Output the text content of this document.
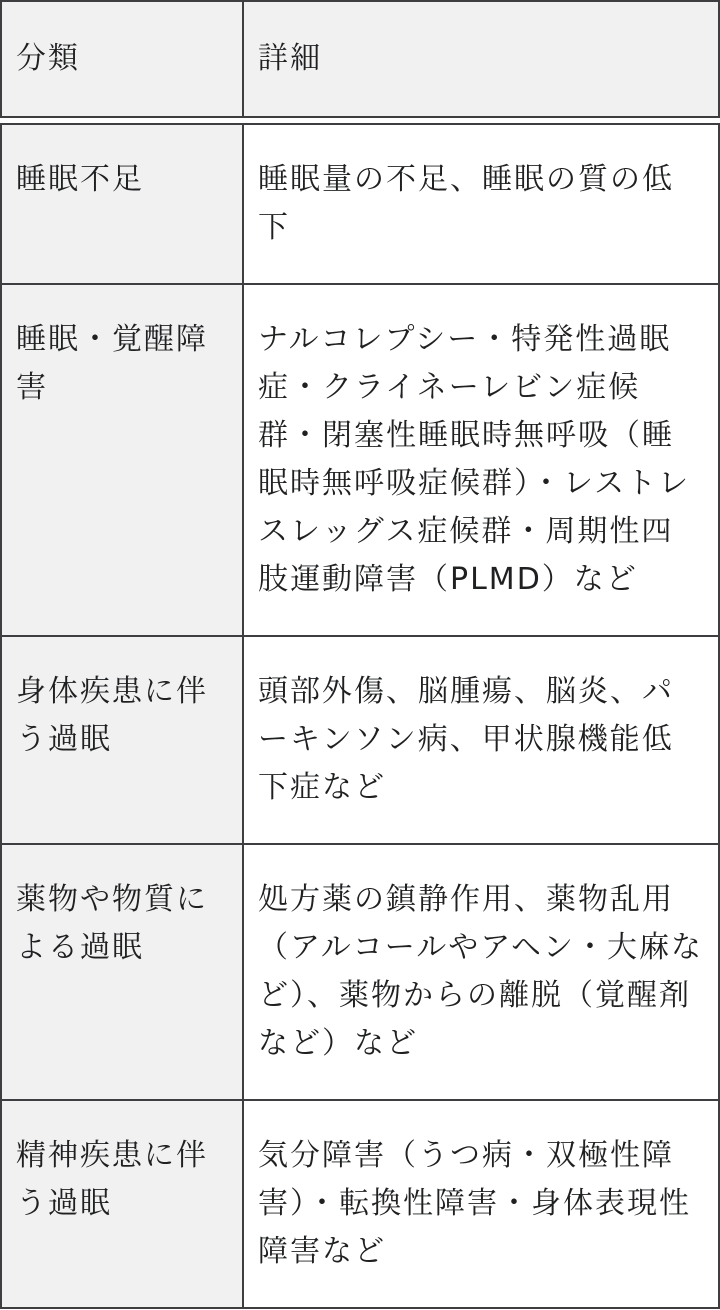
分類	詳細
睡眠不足	睡眠量の不足、睡眠の質の低下
睡眠・覚醒障害	ナルコレプシー・特発性過眠症・クライネーレビン症候群・閉塞性睡眠時無呼吸（睡眠時無呼吸症候群）・レストレスレッグス症候群・周期性四肢運動障害（PLMD）など
身体疾患に伴う過眠	頭部外傷、脳腫瘍、脳炎、パーキンソン病、甲状腺機能低下症など
薬物や物質による過眠	処方薬の鎮静作用、薬物乱用（アルコールやアヘン・大麻など）、薬物からの離脱（覚醒剤など）など
精神疾患に伴う過眠	気分障害（うつ病・双極性障害）・転換性障害・身体表現性障害など
